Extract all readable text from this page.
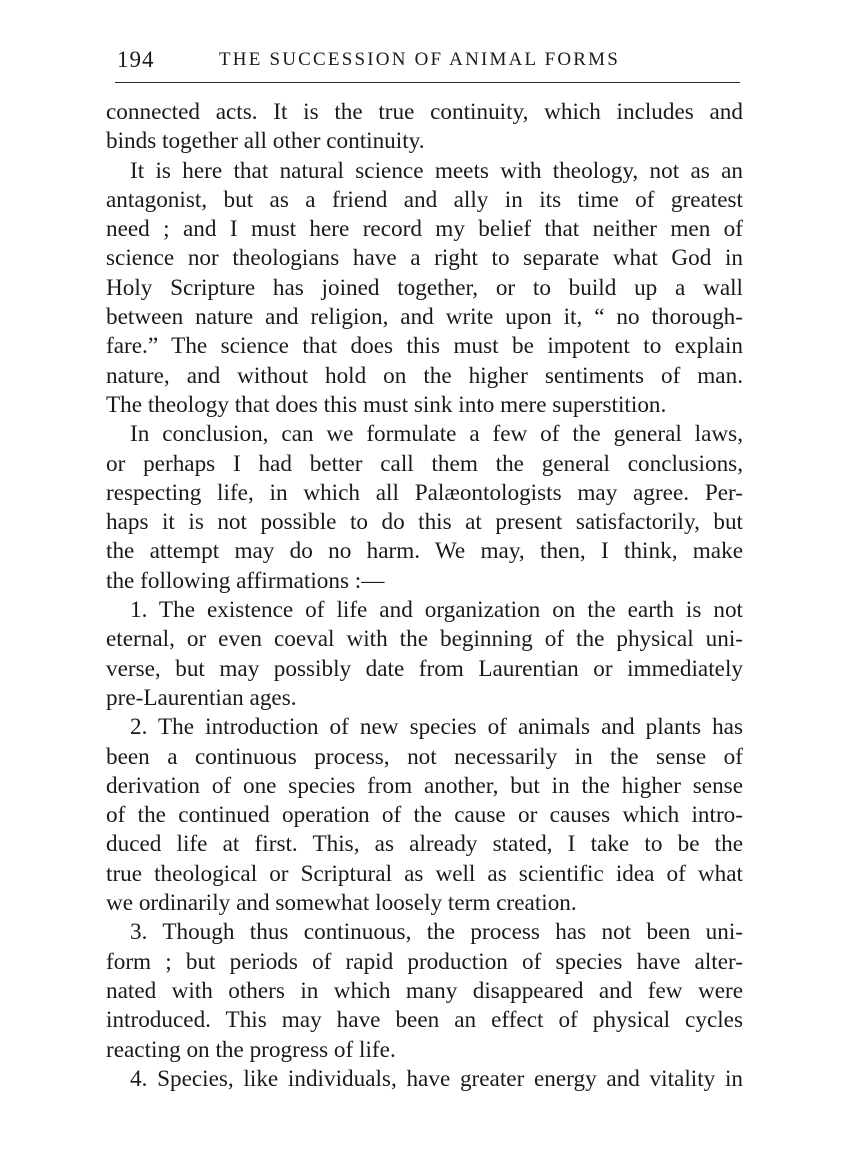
194	THE SUCCESSION OF ANIMAL FORMS
connected acts. It is the true continuity, which includes and
binds together all other continuity.
It is here that natural science meets with theology, not as an
antagonist, but as a friend and ally in its time of greatest
need ; and I must here record my belief that neither men of
science nor theologians have a right to separate what God in
Holy Scripture has joined together, or to build up a wall
between nature and religion, and write upon it, “ no thorough-
fare.” The science that does this must be impotent to explain
nature, and without hold on the higher sentiments of man.
The theology that does this must sink into mere superstition.
In conclusion, can we formulate a few of the general laws,
or perhaps I had better call them the general conclusions,
respecting life, in which all Palæontologists may agree. Per-
haps it is not possible to do this at present satisfactorily, but
the attempt may do no harm. We may, then, I think, make
the following affirmations :—
1. The existence of life and organization on the earth is not
eternal, or even coeval with the beginning of the physical uni-
verse, but may possibly date from Laurentian or immediately
pre-Laurentian ages.
2. The introduction of new species of animals and plants has
been a continuous process, not necessarily in the sense of
derivation of one species from another, but in the higher sense
of the continued operation of the cause or causes which intro-
duced life at first. This, as already stated, I take to be the
true theological or Scriptural as well as scientific idea of what
we ordinarily and somewhat loosely term creation.
3. Though thus continuous, the process has not been uni-
form ; but periods of rapid production of species have alter-
nated with others in which many disappeared and few were
introduced. This may have been an effect of physical cycles
reacting on the progress of life.
4. Species, like individuals, have greater energy and vitality in
